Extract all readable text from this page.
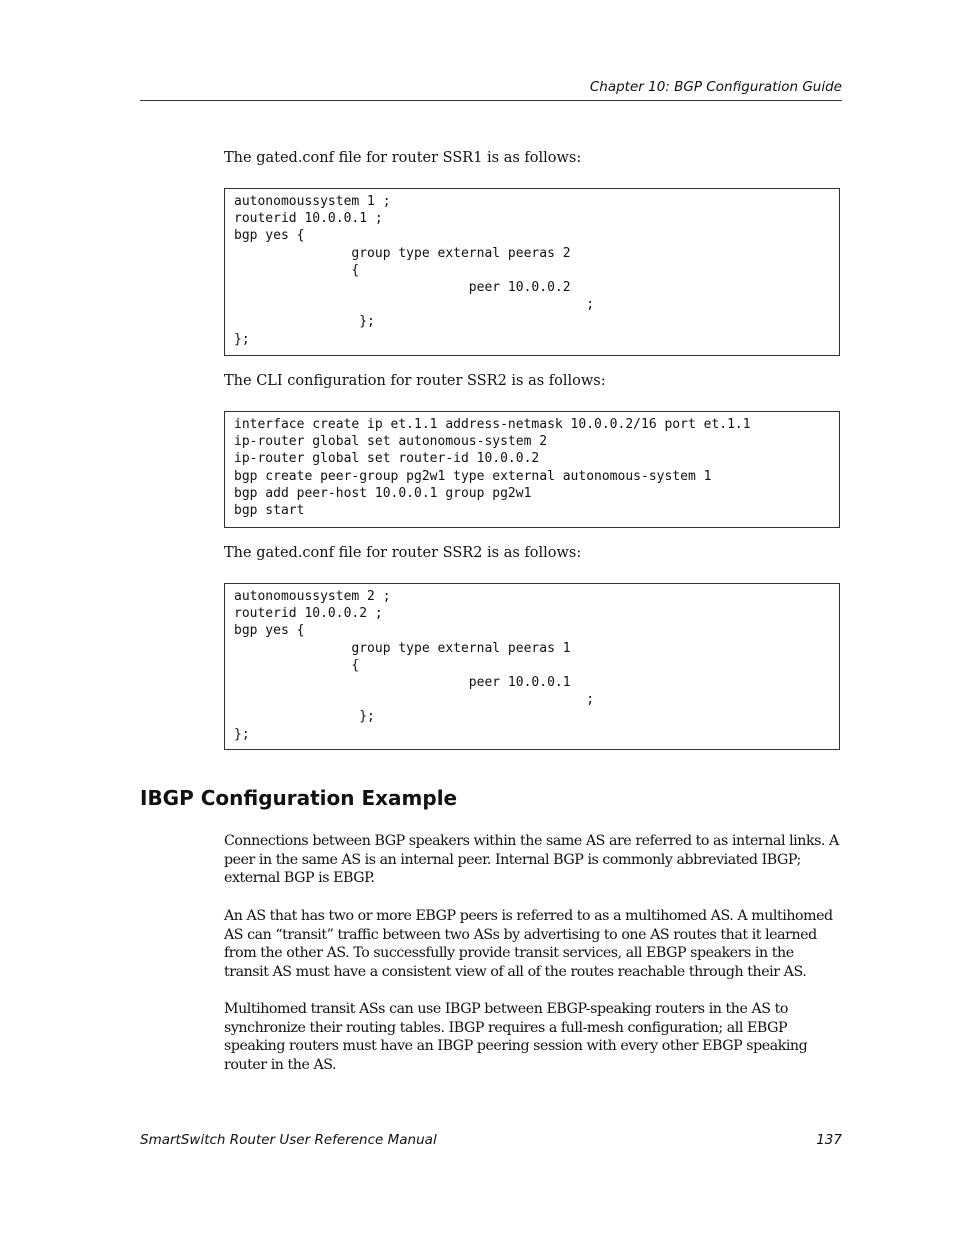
Chapter 10: BGP Configuration Guide
The gated.conf file for router SSR1 is as follows:
autonomoussystem 1 ;
routerid 10.0.0.1 ;
bgp yes {
group type external peeras 2
{
peer 10.0.0.2
;
};
};
The CLI configuration for router SSR2 is as follows:
interface create ip et.1.1 address-netmask 10.0.0.2/16 port et.1.1
ip-router global set autonomous-system 2
ip-router global set router-id 10.0.0.2
bgp create peer-group pg2w1 type external autonomous-system 1
bgp add peer-host 10.0.0.1 group pg2w1
bgp start
The gated.conf file for router SSR2 is as follows:
autonomoussystem 2 ;
routerid 10.0.0.2 ;
bgp yes {
group type external peeras 1
{
peer 10.0.0.1
;
};
};
IBGP Configuration Example

Connections between BGP speakers within the same AS are referred to as internal links. A
peer in the same AS is an internal peer. Internal BGP is commonly abbreviated IBGP;
external BGP is EBGP.

An AS that has two or more EBGP peers is referred to as a multihomed AS. A multihomed
AS can “transit” traffic between two ASs by advertising to one AS routes that it learned
from the other AS. To successfully provide transit services, all EBGP speakers in the
transit AS must have a consistent view of all of the routes reachable through their AS.

Multihomed transit ASs can use IBGP between EBGP-speaking routers in the AS to
synchronize their routing tables. IBGP requires a full-mesh configuration; all EBGP
speaking routers must have an IBGP peering session with every other EBGP speaking
router in the AS.

SmartSwitch Router User Reference Manual	137
